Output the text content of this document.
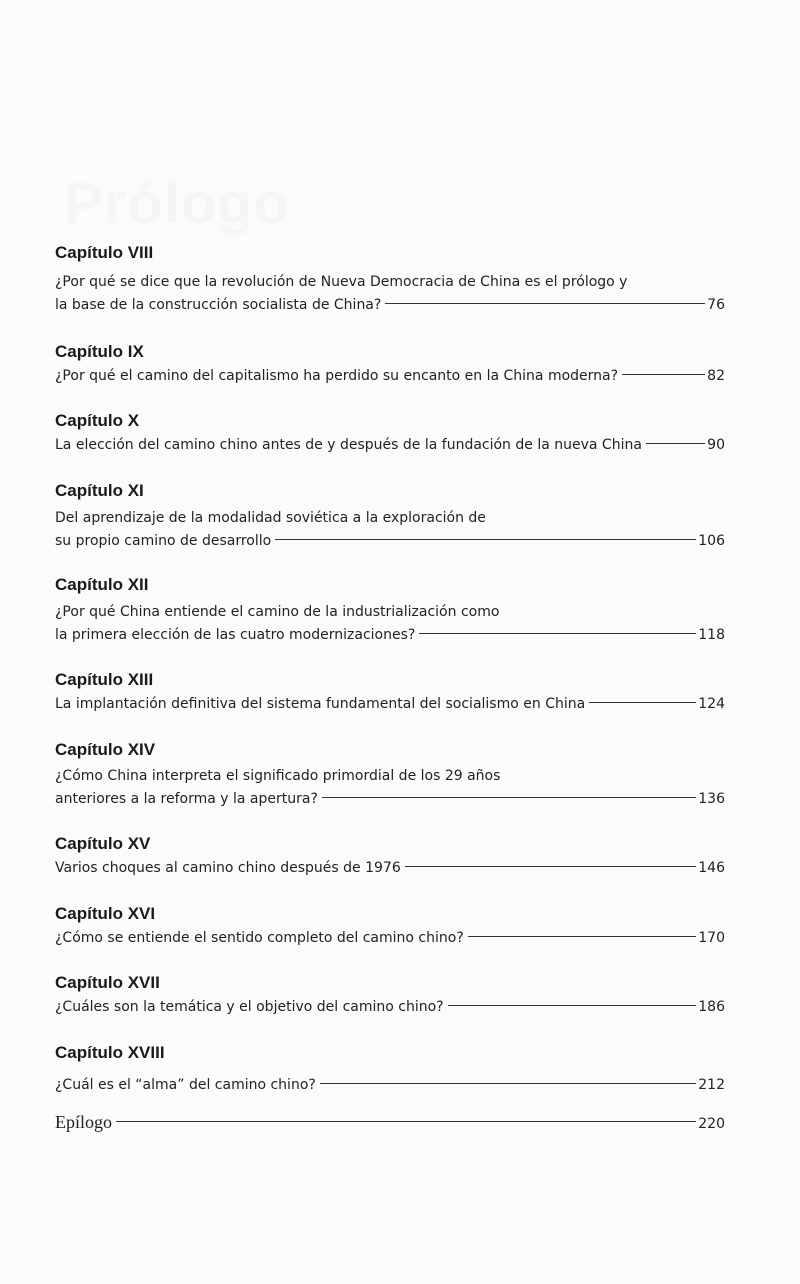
Prólogo
Capítulo VIII
¿Por qué se dice que la revolución de Nueva Democracia de China es el prólogo y
la base de la construcción socialista de China?	76
Capítulo IX
¿Por qué el camino del capitalismo ha perdido su encanto en la China moderna?	82
Capítulo X
La elección del camino chino antes de y después de la fundación de la nueva China	90
Capítulo XI
Del aprendizaje de la modalidad soviética a la exploración de
su propio camino de desarrollo	106
Capítulo XII
¿Por qué China entiende el camino de la industrialización como
la primera elección de las cuatro modernizaciones?	118
Capítulo XIII
La implantación definitiva del sistema fundamental del socialismo en China	124
Capítulo XIV
¿Cómo China interpreta el significado primordial de los 29 años
anteriores a la reforma y la apertura?	136
Capítulo XV
Varios choques al camino chino después de 1976	146
Capítulo XVI
¿Cómo se entiende el sentido completo del camino chino?	170
Capítulo XVII
¿Cuáles son la temática y el objetivo del camino chino?	186
Capítulo XVIII
¿Cuál es el “alma” del camino chino?	212
Epílogo	220
